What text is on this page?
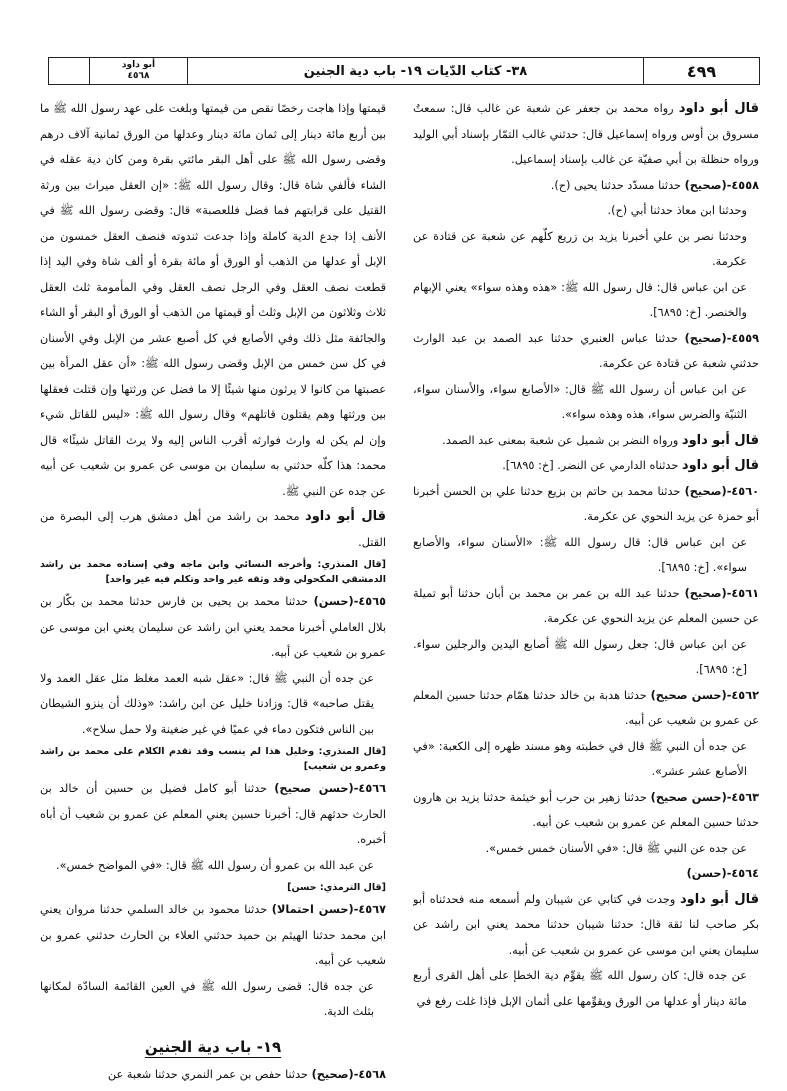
٤٩٩
٣٨- كتاب الدّيات ١٩- باب دية الجنين
أبو داود
٤٥٦٨

قال أبو داود رواه محمد بن جعفر عن شعبة عن غالب قال: سمعتُ مسروق بن أوس ورواه إسماعيل قال: حدثني غالب التمّار بإسناد أبي الوليد ورواه حنظلة بن أبي صفيّة عن غالب بإسناد إسماعيل.

٤٥٥٨-(صحيح) حدثنا مسدّد حدثنا يحيى (ح).

وحدثنا ابن معاذ حدثنا أبي (ح).

وحدثنا نصر بن علي أخبرنا يزيد بن زريع كلّهم عن شعبة عن قتادة عن عكرمة.

عن ابن عباس قال: قال رسول الله ﷺ: «هذه وهذه سواء» يعني الإبهام والخنصر. [خ: ٦٨٩٥].

٤٥٥٩-(صحيح) حدثنا عباس العنبري حدثنا عبد الصمد بن عبد الوارث حدثني شعبة عن قتادة عن عكرمة.

عن ابن عباس أن رسول الله ﷺ قال: «الأصابع سواء، والأسنان سواء، الثنيّة والضرس سواء، هذه وهذه سواء».

قال أبو داود ورواه النضر بن شميل عن شعبة بمعنى عبد الصمد.

قال أبو داود حدثناه الدارمي عن النضر. [خ: ٦٨٩٥].

٤٥٦٠-(صحيح) حدثنا محمد بن حاتم بن بزيع حدثنا علي بن الحسن أخبرنا أبو حمزة عن يزيد النحوي عن عكرمة.

عن ابن عباس قال: قال رسول الله ﷺ: «الأسنان سواء، والأصابع سواء». [خ: ٦٨٩٥].

٤٥٦١-(صحيح) حدثنا عبد الله بن عمر بن محمد بن أبان حدثنا أبو تميلة عن حسين المعلم عن يزيد النحوي عن عكرمة.

عن ابن عباس قال: جعل رسول الله ﷺ أصابع اليدين والرجلين سواء. [خ: ٦٨٩٥].

٤٥٦٢-(حسن صحيح) حدثنا هدبة بن خالد حدثنا همّام حدثنا حسين المعلم عن عمرو بن شعيب عن أبيه.

عن جده أن النبي ﷺ قال في خطبته وهو مسند ظهره إلى الكعبة: «في الأصابع عشر عشر».

٤٥٦٣-(حسن صحيح) حدثنا زهير بن حرب أبو خيثمة حدثنا يزيد بن هارون حدثنا حسين المعلم عن عمرو بن شعيب عن أبيه.

عن جده عن النبي ﷺ قال: «في الأسنان خمس خمس».

٤٥٦٤-(حسن)

قال أبو داود وجدت في كتابي عن شيبان ولم أسمعه منه فحدثناه أبو بكر صاحب لنا ثقة قال: حدثنا شيبان حدثنا محمد يعني ابن راشد عن سليمان يعني ابن موسى عن عمرو بن شعيب عن أبيه.

عن جده قال: كان رسول الله ﷺ يقوِّم دية الخطإ على أهل القرى أربع مائة دينار أو عدلها من الورق ويقوِّمها على أثمان الإبل فإذا غلت رفع في

قيمتها وإذا هاجت رخصًا نقص من قيمتها وبلغت على عهد رسول الله ﷺ ما بين أربع مائة دينار إلى ثمان مائة دينار وعدلها من الورق ثمانية آلاف درهم وقضى رسول الله ﷺ على أهل البقر مائتي بقرة ومن كان دية عقله في الشاء فألفي شاة قال: وقال رسول الله ﷺ: «إن العقل ميراث بين ورثة القتيل على قرابتهم فما فضل فللعصبة» قال: وقضى رسول الله ﷺ في الأنف إذا جدع الدية كاملة وإذا جدعت ثندوته فنصف العقل خمسون من الإبل أو عدلها من الذهب أو الورق أو مائة بقرة أو ألف شاة وفي اليد إذا قطعت نصف العقل وفي الرجل نصف العقل وفي المأمومة ثلث العقل ثلاث وثلاثون من الإبل وثلث أو قيمتها من الذهب أو الورق أو البقر أو الشاء والجائفة مثل ذلك وفي الأصابع في كل أصبع عشر من الإبل وفي الأسنان في كل سن خمس من الإبل وقضى رسول الله ﷺ: «أن عقل المرأة بين عصبتها من كانوا لا يرثون منها شيئًا إلا ما فضل عن ورثتها وإن قتلت فعقلها بين ورثتها وهم يقتلون قاتلهم» وقال رسول الله ﷺ: «ليس للقاتل شيء وإن لم يكن له وارث فوارثه أقرب الناس إليه ولا يرث القاتل شيئًا» قال محمد: هذا كلّه حدثني به سليمان بن موسى عن عمرو بن شعيب عن أبيه عن جده عن النبي ﷺ.

قال أبو داود محمد بن راشد من أهل دمشق هرب إلى البصرة من القتل.

[قال المنذري: وأخرجه النسائي وابن ماجه وفي إسناده محمد بن راشد الدمشقي المكحولي وقد وثقه غير واحد وتكلم فيه غير واحد]

٤٥٦٥-(حسن) حدثنا محمد بن يحيى بن فارس حدثنا محمد بن بكّار بن بلال العاملي أخبرنا محمد يعني ابن راشد عن سليمان يعني ابن موسى عن عمرو بن شعيب عن أبيه.

عن جده أن النبي ﷺ قال: «عقل شبه العمد مغلظ مثل عقل العمد ولا يقتل صاحبه» قال: وزادنا خليل عن ابن راشد: «وذلك أن ينزو الشيطان بين الناس فتكون دماء في عميًا في غير ضغينة ولا حمل سلاح».

[قال المنذري: وخليل هذا لم ينسب وقد تقدم الكلام على محمد بن راشد وعمرو بن شعيب]

٤٥٦٦-(حسن صحيح) حدثنا أبو كامل فضيل بن حسين أن خالد بن الحارث حدثهم قال: أخبرنا حسين يعني المعلم عن عمرو بن شعيب أن أباه أخبره.

عن عبد الله بن عمرو أن رسول الله ﷺ قال: «في المواضح خمس».

[قال الترمذي: حسن]

٤٥٦٧-(حسن احتمالا) حدثنا محمود بن خالد السلمي حدثنا مروان يعني ابن محمد حدثنا الهيثم بن حميد حدثني العلاء بن الحارث حدثني عمرو بن شعيب عن أبيه.

عن جده قال: قضى رسول الله ﷺ في العين القائمة السادّة لمكانها بثلث الدية.

١٩- باب دية الجنين

٤٥٦٨-(صحيح) حدثنا حفص بن عمر النمري حدثنا شعبة عن
